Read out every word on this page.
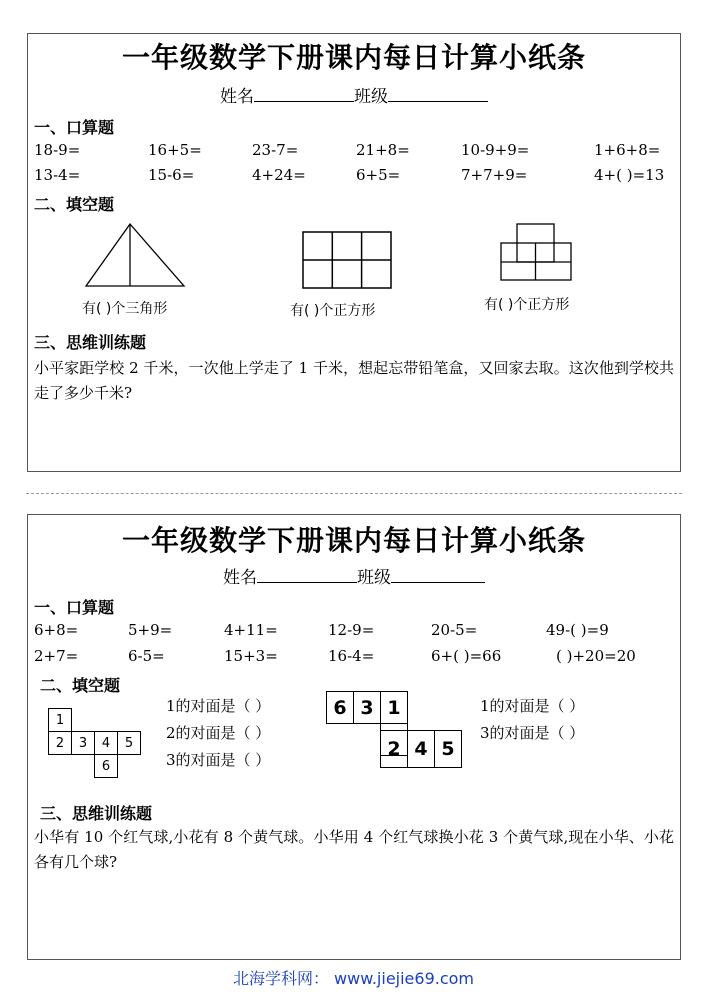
一年级数学下册课内每日计算小纸条
姓名	班级
一、口算题
18-9=	16+5=	23-7=	21+8=	10-9+9=	1+6+8=
13-4=	15-6=	4+24=	6+5=	7+7+9=	4+( )=13
二、填空题
有( )个三角形	有( )个正方形	有( )个正方形
三、思维训练题
小平家距学校 2 千米，一次他上学走了 1 千米，想起忘带铅笔盒，又回家去取。这次他到学校共走了多少千米?
一年级数学下册课内每日计算小纸条
姓名	班级
一、口算题
6+8=	5+9=	4+11=	12-9=	20-5=	49-( )=9
2+7=	6-5=	15+3=	16-4=	6+( )=66	( )+20=20
二、填空题
1
2	3	4	5
6
1的对面是（ ）
2的对面是（ ）
3的对面是（ ）
6 3 1
2 4 5
1的对面是（ ）
3的对面是（ ）
三、思维训练题
小华有 10 个红气球,小花有 8 个黄气球。小华用 4 个红气球换小花 3 个黄气球,现在小华、小花各有几个球?
北海学科网： www.jiejie69.com
